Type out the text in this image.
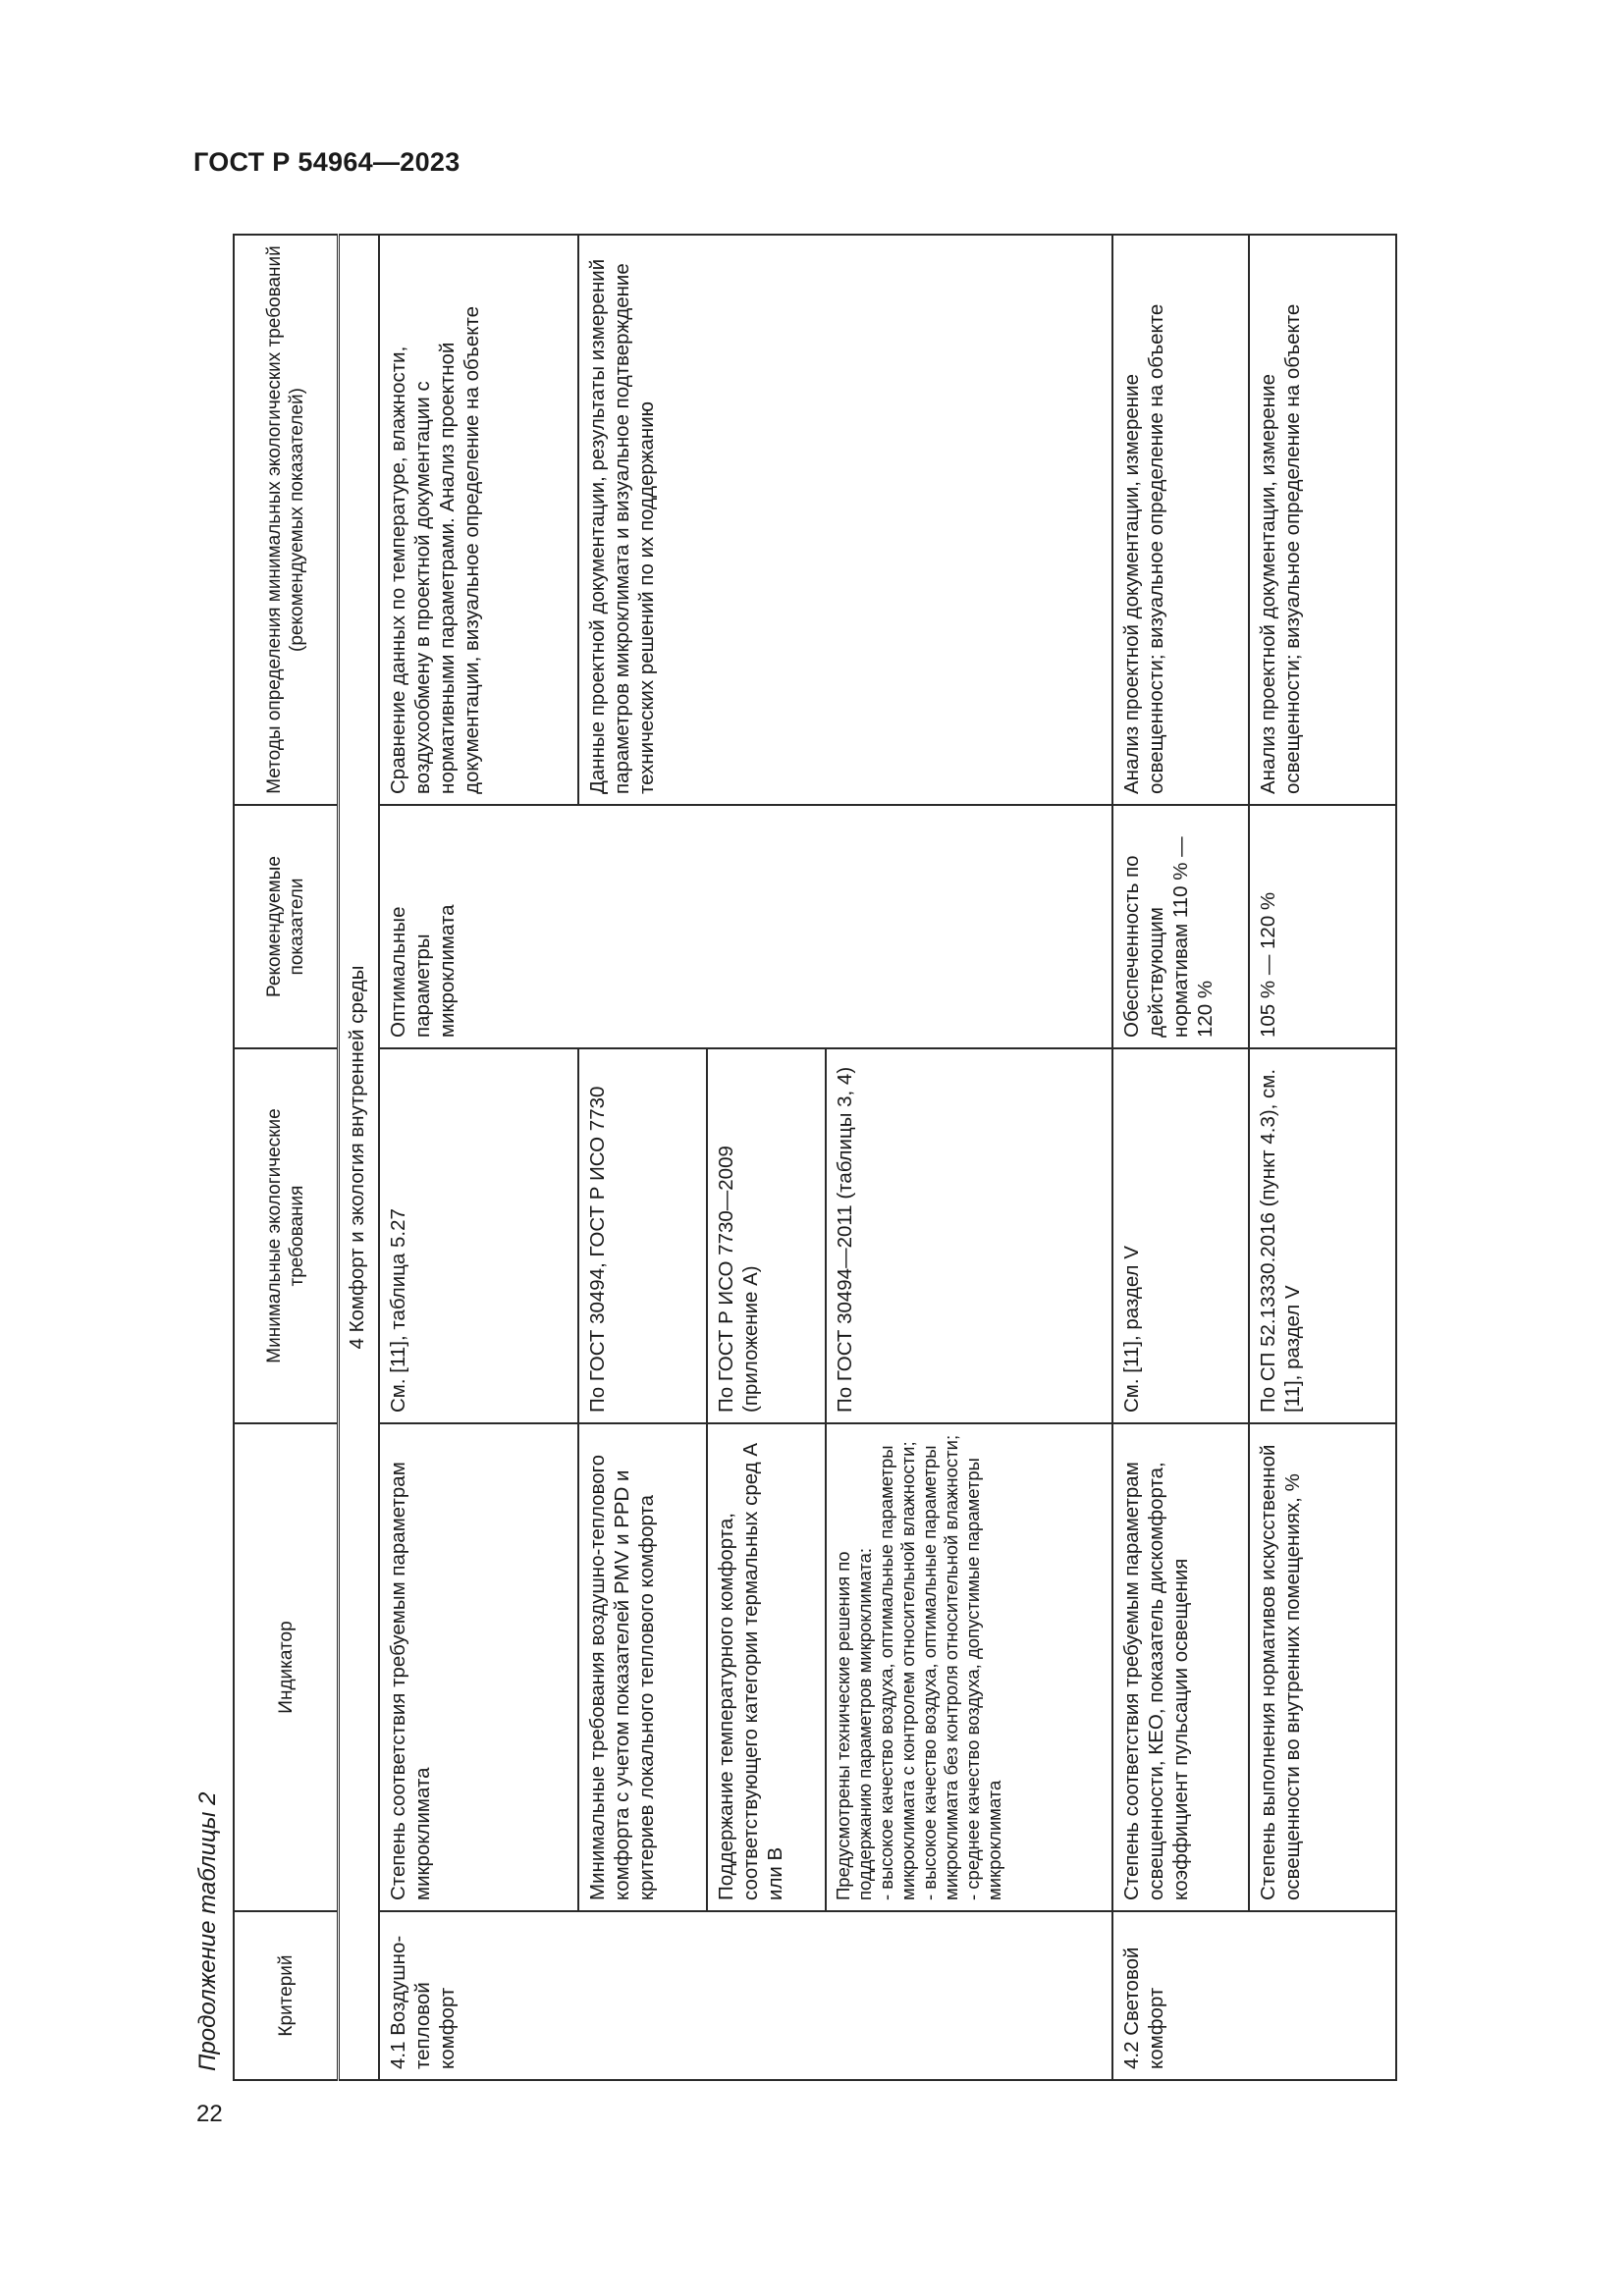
ГОСТ Р 54964—2023
22
Продолжение таблицы 2	Критерий	Индикатор	Минимальные экологические требования	Рекомендуемые показатели	Методы определения минимальных экологических требований (рекомендуемых показателей)
4 Комфорт и экология внутренней среды				
4.1 Воздушно-тепловой комфорт	Степень соответствия требуемым параметрам микроклимата	См. [11], таблица 5.27	Оптимальные параметры микроклимата	Сравнение данных по температуре, влажности, воздухообмену в проектной документации с нормативными параметрами. Анализ проектной документации, визуальное определение на объекте
	Минимальные требования воздушно-теплового комфорта с учетом показателей PMV и PPD и критериев локального теплового комфорта	По ГОСТ 30494, ГОСТ Р ИСО 7730		Данные проектной документации, результаты измерений параметров микроклимата и визуальное подтверждение технических решений по их поддержанию
	Поддержание температурного комфорта, соответствующего категории термальных сред A или B	По ГОСТ Р ИСО 7730—2009 (приложение А)		
	Предусмотрены технические решения по поддержанию параметров микроклимата:
- высокое качество воздуха, оптимальные параметры микроклимата с контролем относительной влажности;
- высокое качество воздуха, оптимальные параметры микроклимата без контроля относительной влажности;
- среднее качество воздуха, допустимые параметры микроклимата	По ГОСТ 30494—2011 (таблицы 3, 4)		
4.2 Световой комфорт	Степень соответствия требуемым параметрам освещенности, КЕО, показатель дискомфорта, коэффициент пульсации освещения	См. [11], раздел V	Обеспеченность по действующим нормативам 110 % — 120 %	Анализ проектной документации, измерение освещенности; визуальное определение на объекте
	Степень выполнения нормативов искусственной освещенности во внутренних помещениях, %	По СП 52.13330.2016 (пункт 4.3), см. [11], раздел V	105 % — 120 %	Анализ проектной документации, измерение освещенности; визуальное определение на объекте
